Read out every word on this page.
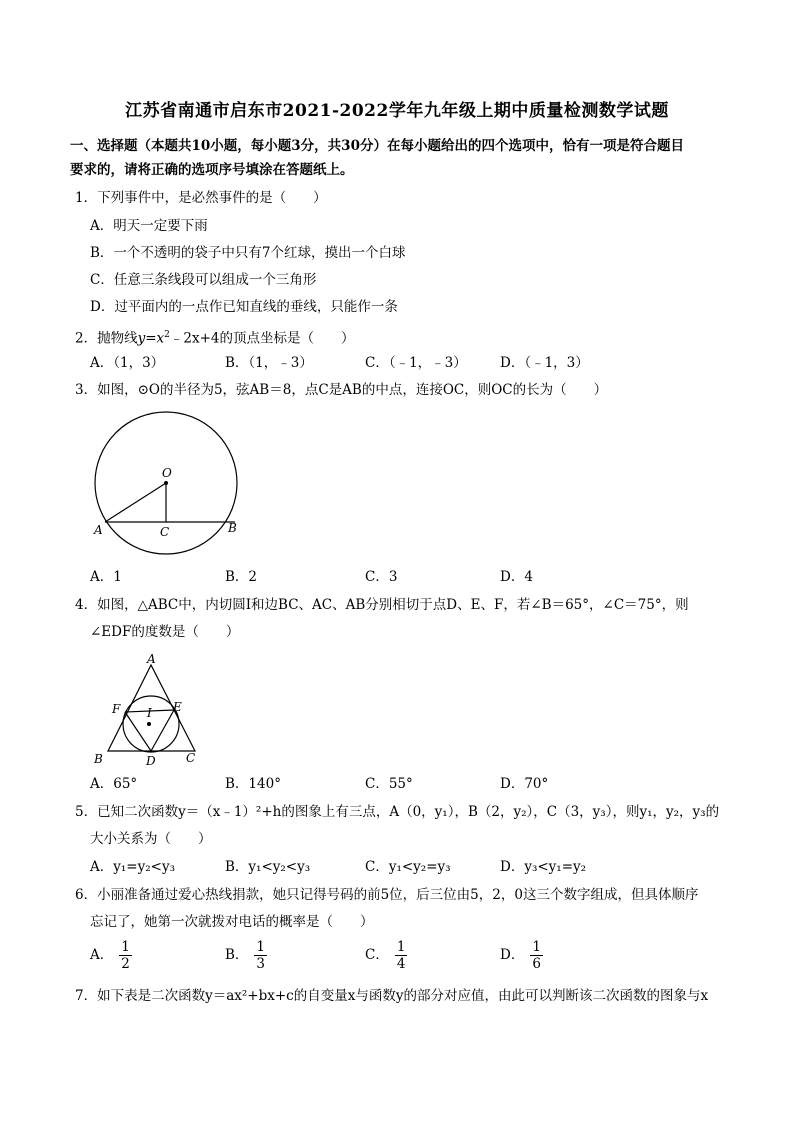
江苏省南通市启东市2021-2022学年九年级上期中质量检测数学试题
一、选择题（本题共10小题，每小题3分，共30分）在每小题给出的四个选项中，恰有一项是符合题目
要求的，请将正确的选项序号填涂在答题纸上。
1．下列事件中，是必然事件的是（　　）
A．明天一定要下雨
B．一个不透明的袋子中只有7个红球，摸出一个白球
C．任意三条线段可以组成一个三角形
D．过平面内的一点作已知直线的垂线，只能作一条
2．抛物线$y=x^2﹣2x+4$的顶点坐标是（　　）
A．（1，3）	B．（1，﹣3）	C．（﹣1，﹣3） D．（﹣1，3）
3．如图，⊙O的半径为5，弦AB＝8，点C是AB的中点，连接OC，则OC的长为（　　）
O
A	B
C
A．1	B．2	C．3	D．4
4．如图，△ABC中，内切圆I和边BC、AC、AB分别相切于点D、E、F，若∠B＝65°，∠C＝75°，则
∠EDF的度数是（　　）
A
B	C
D
E
F I
A．65°	B．140°	C．55°	D．70°
5．已知二次函数y＝（x﹣1）²+h的图象上有三点，A（0，y₁），B（2，y₂），C（3，y₃），则y₁，y₂，y₃的
大小关系为（　　）
A．y₁=y₂<y₃	B．y₁<y₂<y₃	C．y₁<y₂=y₃	D．y₃<y₁=y₂
6．小丽准备通过爱心热线捐款，她只记得号码的前5位，后三位由5，2，0这三个数字组成，但具体顺序
忘记了，她第一次就拨对电话的概率是（　　）
A． $\frac{1}{2}$	B． $\frac{1}{3}$	C． $\frac{1}{4}$	D． $\frac{1}{6}$
7．如下表是二次函数y＝ax²+bx+c的自变量x与函数y的部分对应值，由此可以判断该二次函数的图象与x
